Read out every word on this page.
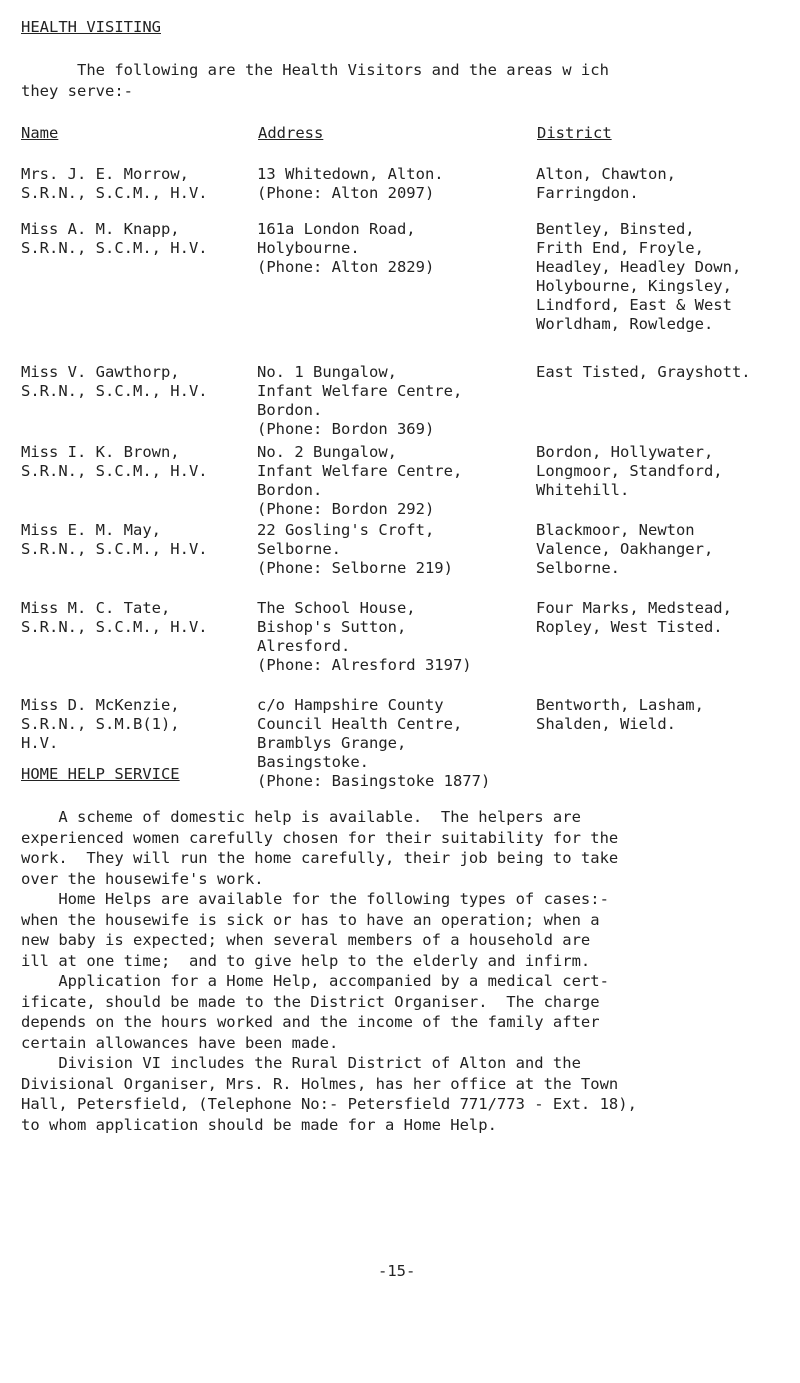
HEALTH VISITING
The following are the Health Visitors and the areas w ich
they serve:-
Name	Address	District
Mrs. J. E. Morrow,
S.R.N., S.C.M., H.V.
13 Whitedown, Alton.
(Phone: Alton 2097)
Alton, Chawton,
Farringdon.
Miss A. M. Knapp,
S.R.N., S.C.M., H.V.
161a London Road,
Holybourne.
(Phone: Alton 2829)
Bentley, Binsted,
Frith End, Froyle,
Headley, Headley Down,
Holybourne, Kingsley,
Lindford, East & West
Worldham, Rowledge.
Miss V. Gawthorp,
S.R.N., S.C.M., H.V.
No. 1 Bungalow,
Infant Welfare Centre,
Bordon.
(Phone: Bordon 369)
East Tisted, Grayshott.
Miss I. K. Brown,
S.R.N., S.C.M., H.V.
No. 2 Bungalow,
Infant Welfare Centre,
Bordon.
(Phone: Bordon 292)
Bordon, Hollywater,
Longmoor, Standford,
Whitehill.
Miss E. M. May,
S.R.N., S.C.M., H.V.
22 Gosling's Croft,
Selborne.
(Phone: Selborne 219)
Blackmoor, Newton
Valence, Oakhanger,
Selborne.
Miss M. C. Tate,
S.R.N., S.C.M., H.V.
The School House,
Bishop's Sutton,
Alresford.
(Phone: Alresford 3197)
Four Marks, Medstead,
Ropley, West Tisted.
Miss D. McKenzie,
S.R.N., S.M.B(1),
H.V.
c/o Hampshire County
Council Health Centre,
Bramblys Grange,
Basingstoke.
(Phone: Basingstoke 1877)
Bentworth, Lasham,
Shalden, Wield.
HOME HELP SERVICE
A scheme of domestic help is available.  The helpers are
experienced women carefully chosen for their suitability for the
work.  They will run the home carefully, their job being to take
over the housewife's work.
Home Helps are available for the following types of cases:-
when the housewife is sick or has to have an operation; when a
new baby is expected; when several members of a household are
ill at one time;  and to give help to the elderly and infirm.
Application for a Home Help, accompanied by a medical cert-
ificate, should be made to the District Organiser.  The charge
depends on the hours worked and the income of the family after
certain allowances have been made.
Division VI includes the Rural District of Alton and the
Divisional Organiser, Mrs. R. Holmes, has her office at the Town
Hall, Petersfield, (Telephone No:- Petersfield 771/773 - Ext. 18),
to whom application should be made for a Home Help.
-15-
